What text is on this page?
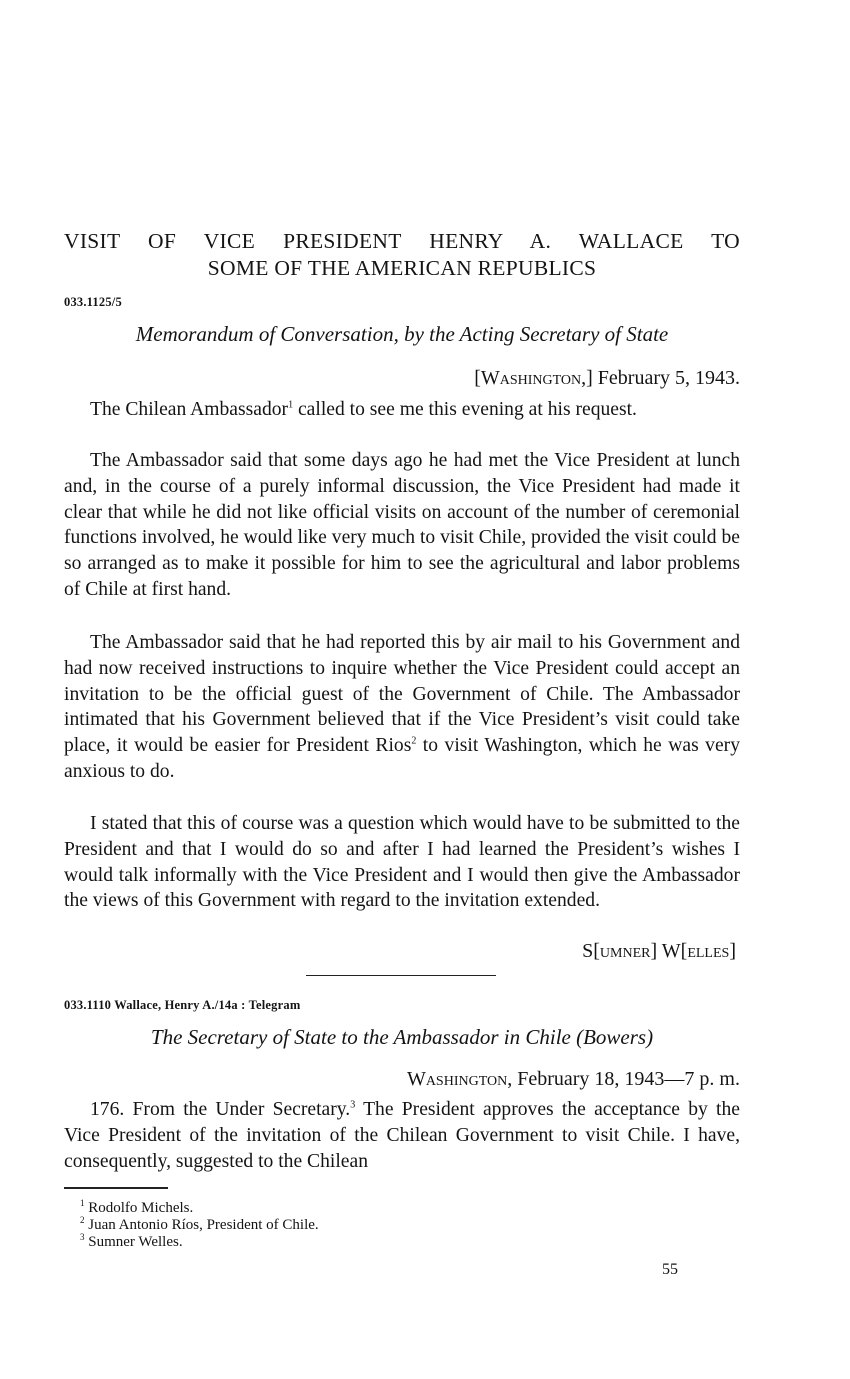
VISIT OF VICE PRESIDENT HENRY A. WALLACE TO
SOME OF THE AMERICAN REPUBLICS
033.1125/5
Memorandum of Conversation, by the Acting Secretary of State
[Washington,] February 5, 1943.

The Chilean Ambassador$^1$ called to see me this evening at his request.

The Ambassador said that some days ago he had met the Vice President at lunch and, in the course of a purely informal discussion, the Vice President had made it clear that while he did not like official visits on account of the number of ceremonial functions involved, he would like very much to visit Chile, provided the visit could be so arranged as to make it possible for him to see the agricultural and labor problems of Chile at first hand.

The Ambassador said that he had reported this by air mail to his Government and had now received instructions to inquire whether the Vice President could accept an invitation to be the official guest of the Government of Chile. The Ambassador intimated that his Government believed that if the Vice President’s visit could take place, it would be easier for President Rios$^2$ to visit Washington, which he was very anxious to do.

I stated that this of course was a question which would have to be submitted to the President and that I would do so and after I had learned the President’s wishes I would talk informally with the Vice President and I would then give the Ambassador the views of this Government with regard to the invitation extended.

S[umner] W[elles]
033.1110 Wallace, Henry A./14a : Telegram
The Secretary of State to the Ambassador in Chile (Bowers)
Washington, February 18, 1943—7 p. m.

176. From the Under Secretary.$^3$ The President approves the acceptance by the Vice President of the invitation of the Chilean Government to visit Chile. I have, consequently, suggested to the Chilean

$^1$ Rodolfo Michels.
$^2$ Juan Antonio Ríos, President of Chile.
$^3$ Sumner Welles.
55
